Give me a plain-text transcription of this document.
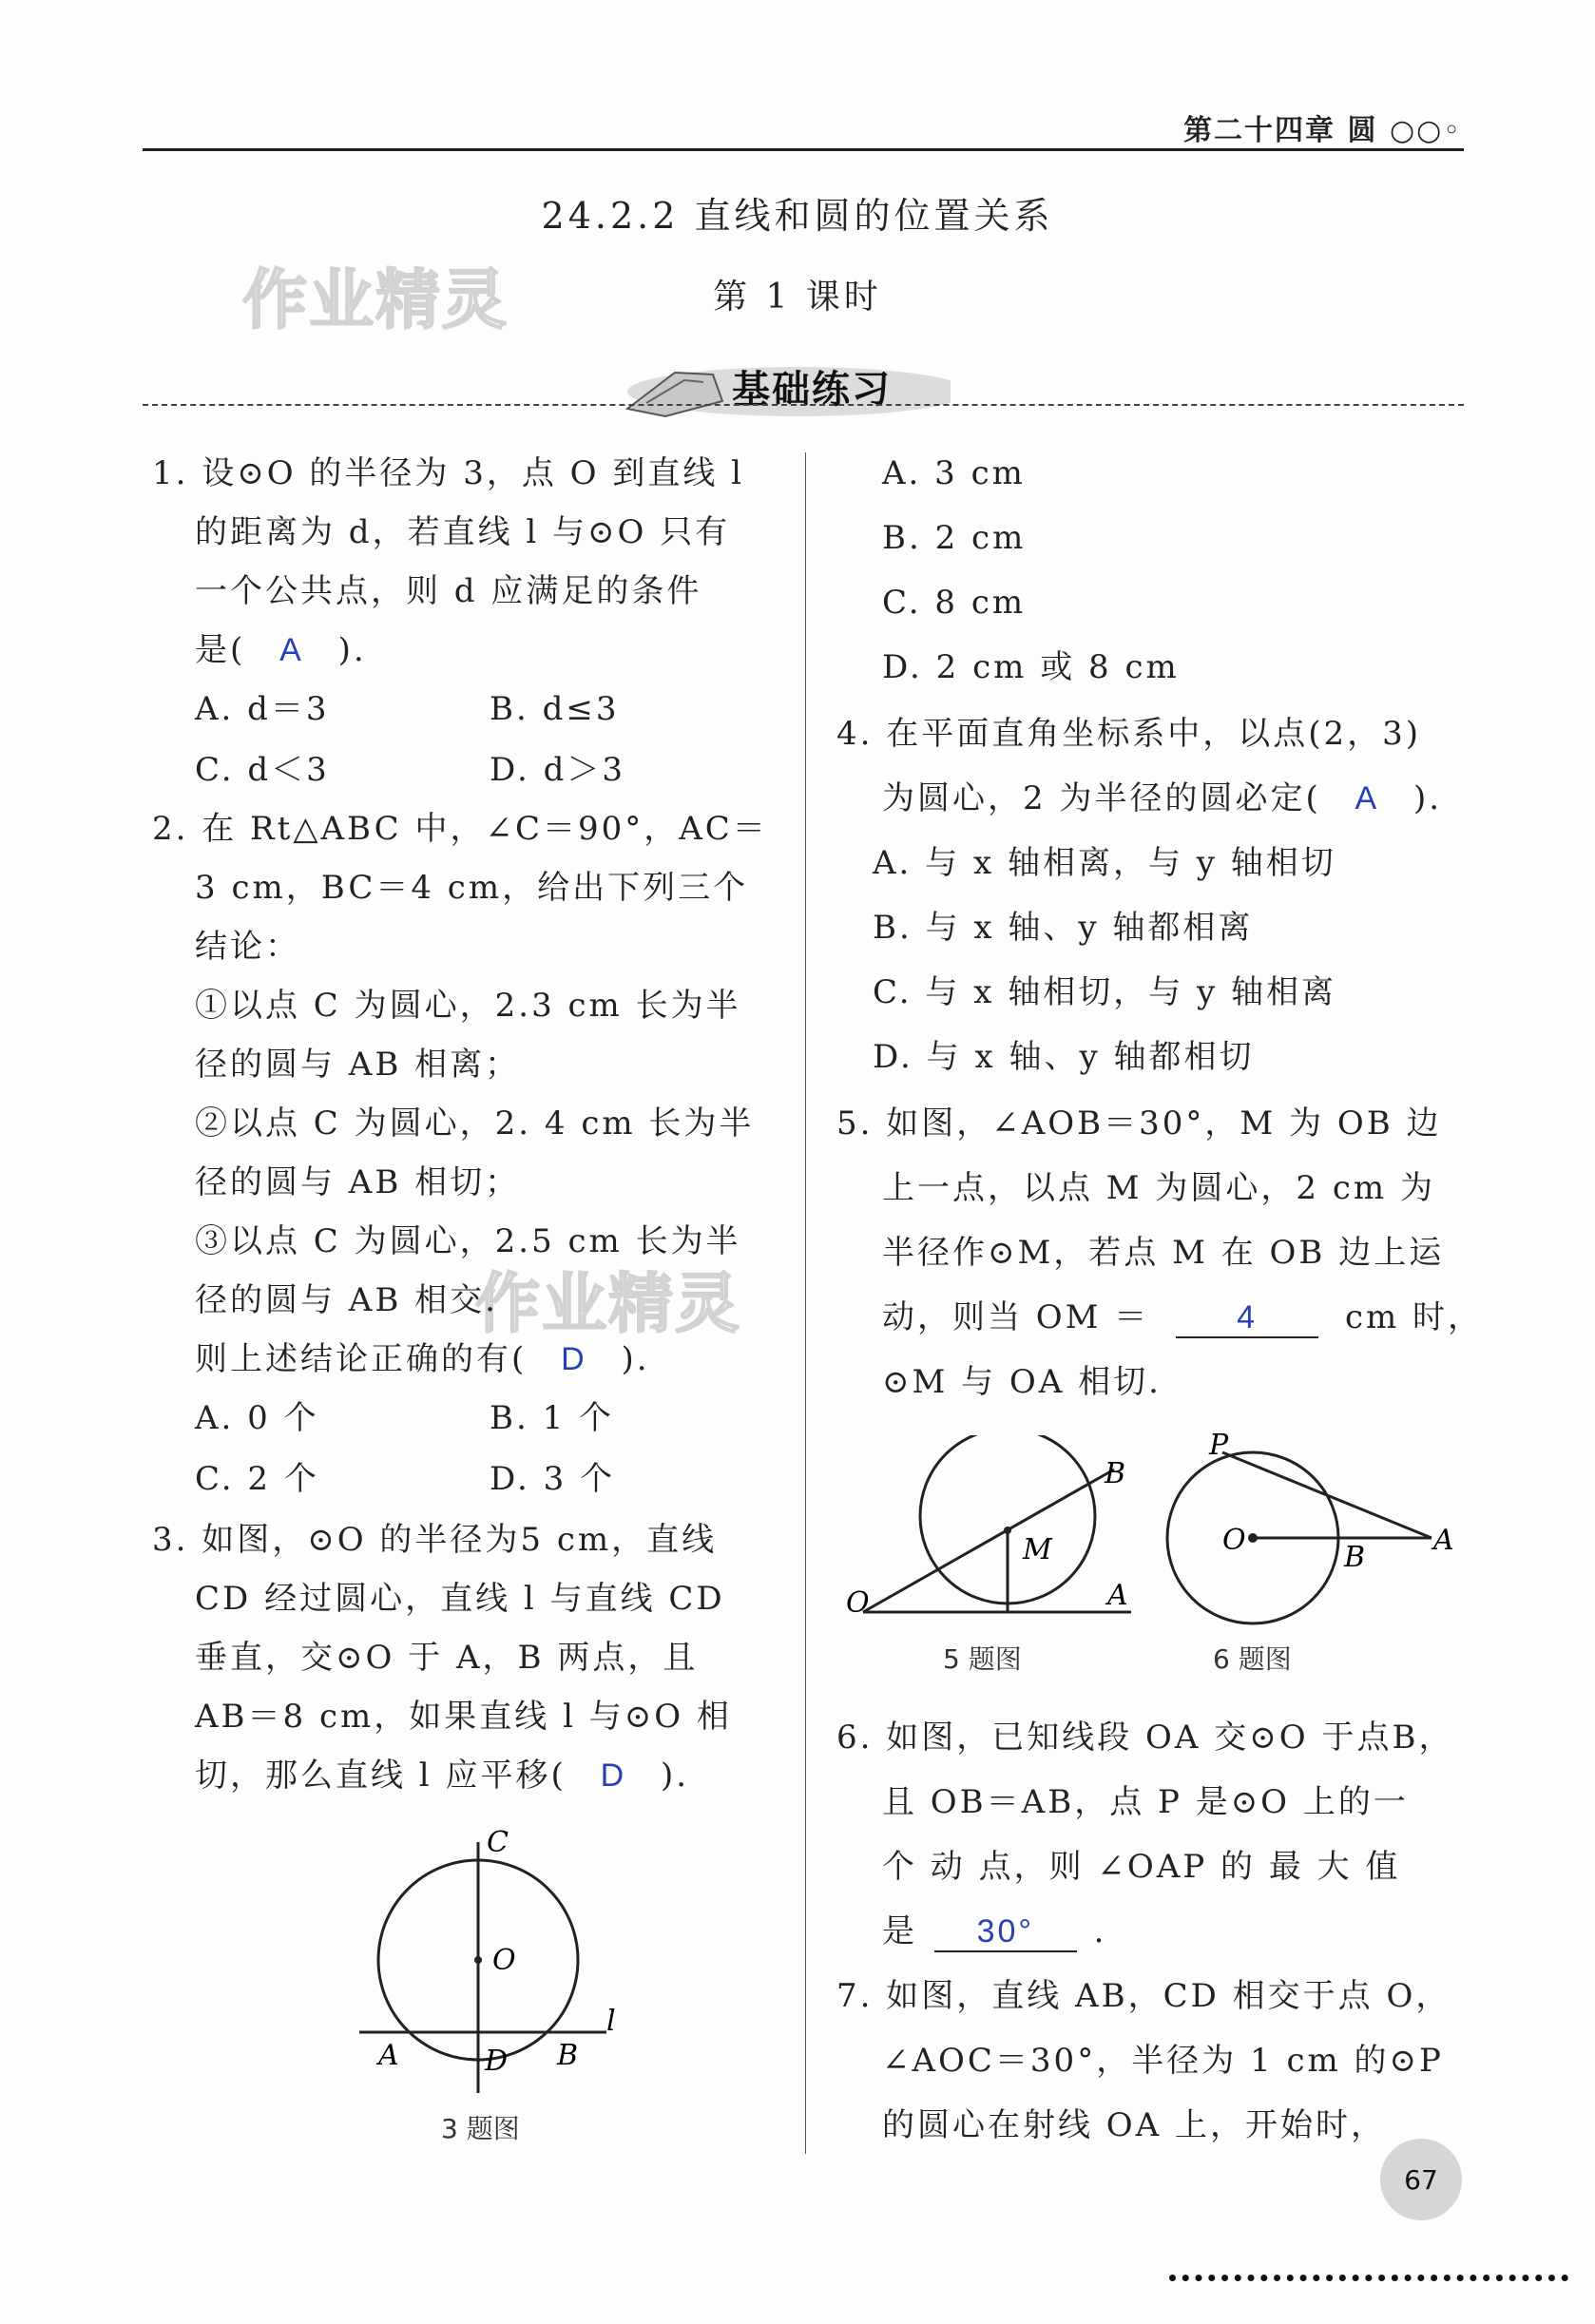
第二十四章 圆 ○○◦
24.2.2 直线和圆的位置关系
第 1 课时
作业精灵
作业精灵
基础练习
1. 设⊙O 的半径为 3，点 O 到直线 l
的距离为 d，若直线 l 与⊙O 只有
一个公共点，则 d 应满足的条件
是( A ).
A. d＝3	B. d≤3
C. d＜3	D. d＞3
2. 在 Rt△ABC 中，∠C＝90°，AC＝
3 cm，BC＝4 cm，给出下列三个
结论：
①以点 C 为圆心，2.3 cm 长为半
径的圆与 AB 相离；
②以点 C 为圆心，2. 4 cm 长为半
径的圆与 AB 相切；
③以点 C 为圆心，2.5 cm 长为半
径的圆与 AB 相交.
则上述结论正确的有( D ).
A. 0 个	B. 1 个
C. 2 个	D. 3 个
3. 如图，⊙O 的半径为5 cm，直线
CD 经过圆心，直线 l 与直线 CD
垂直，交⊙O 于 A，B 两点，且
AB＝8 cm，如果直线 l 与⊙O 相
切，那么直线 l 应平移( D ).
C
O
l
A	D B
3 题图
A. 3 cm
B. 2 cm
C. 8 cm
D. 2 cm 或 8 cm
4. 在平面直角坐标系中，以点(2，3)
为圆心，2 为半径的圆必定( A ).
A. 与 x 轴相离，与 y 轴相切
B. 与 x 轴、y 轴都相离
C. 与 x 轴相切，与 y 轴相离
D. 与 x 轴、y 轴都相切
5. 如图，∠AOB＝30°，M 为 OB 边
上一点，以点 M 为圆心，2 cm 为
半径作⊙M，若点 M 在 OB 边上运
动，则当 OM ＝	4	cm 时，
⊙M 与 OA 相切.
B
M
O	A
5 题图
P
O
B
A
6 题图
6. 如图，已知线段 OA 交⊙O 于点B，
且 OB＝AB，点 P 是⊙O 上的一
个 动 点，则 ∠OAP 的 最 大 值
是 30° .
7. 如图，直线 AB，CD 相交于点 O，
∠AOC＝30°，半径为 1 cm 的⊙P
的圆心在射线 OA 上，开始时，
67
